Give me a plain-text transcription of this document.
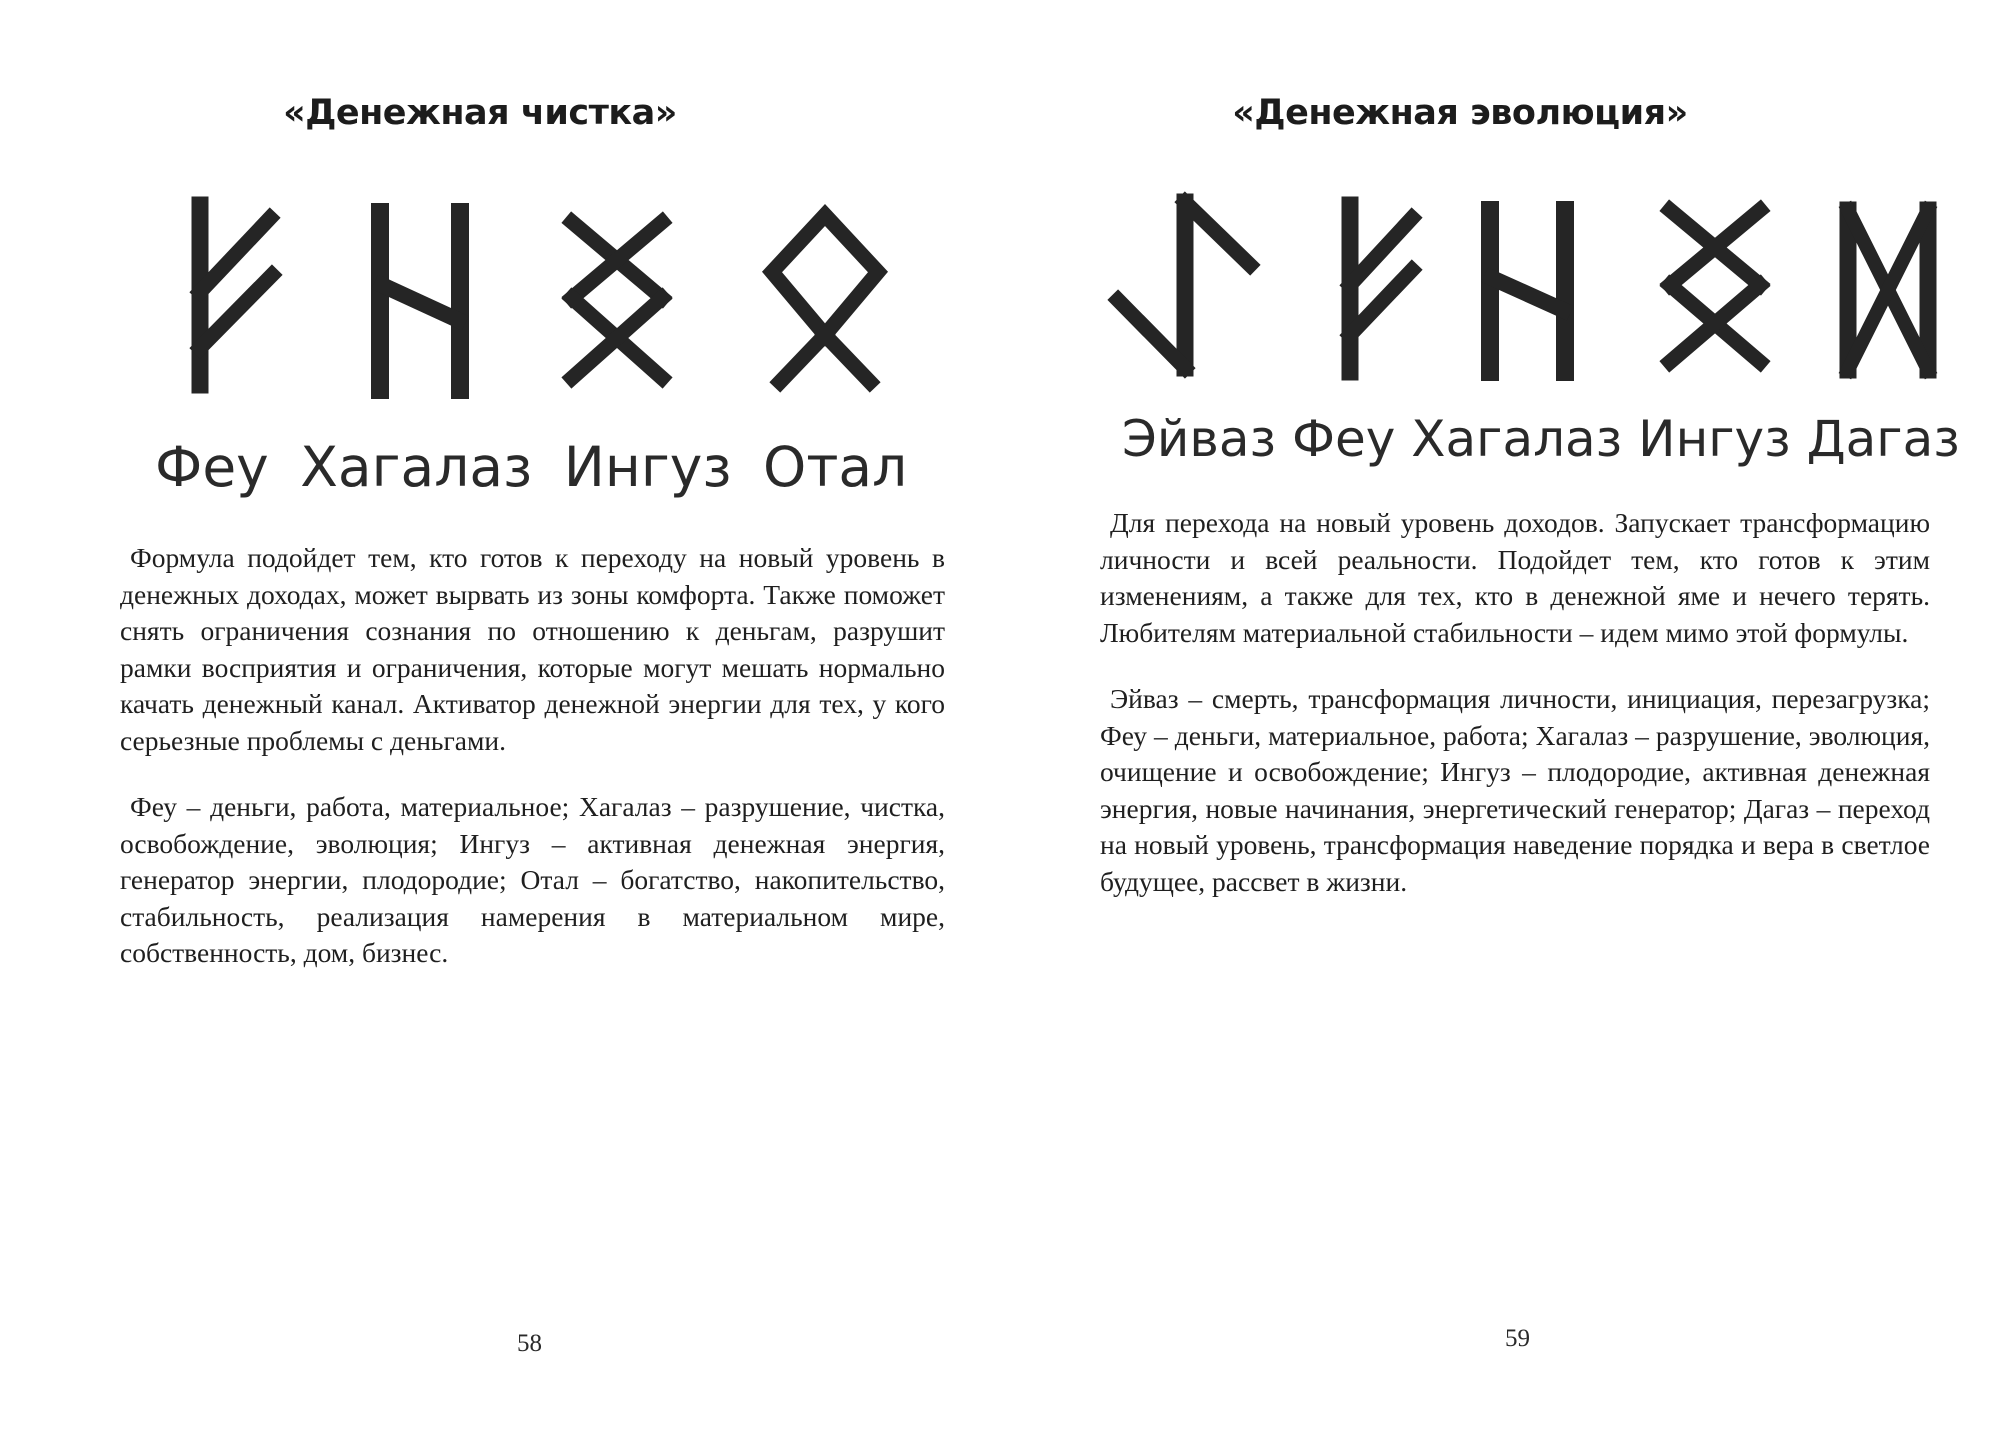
«Денежная чистка»
Феу Хагалаз Ингуз Отал

Формула подойдет тем, кто готов к переходу на новый уровень в денежных доходах, может вырвать из зоны комфорта. Также поможет снять ограничения сознания по отношению к деньгам, разрушит рамки восприятия и ограничения, которые могут мешать нормально качать денежный канал. Активатор денежной энергии для тех, у кого серьезные проблемы с деньгами.

Феу – деньги, работа, материальное; Хагалаз – разрушение, чистка, освобождение, эволюция; Ингуз – активная денежная энергия, генератор энергии, плодородие; Отал – богатство, накопительство, стабильность, реализация намерения в материальном мире, собственность, дом, бизнес.

58
«Денежная эволюция»
Эйваз Феу Хагалаз Ингуз Дагаз

Для перехода на новый уровень доходов. Запускает трансформацию личности и всей реальности. Подойдет тем, кто готов к этим изменениям, а также для тех, кто в денежной яме и нечего терять. Любителям материальной стабильности – идем мимо этой формулы.

Эйваз – смерть, трансформация личности, инициация, перезагрузка; Феу – деньги, материальное, работа; Хагалаз – разрушение, эволюция, очищение и освобождение; Ингуз – плодородие, активная денежная энергия, новые начинания, энергетический генератор; Дагаз – переход на новый уровень, трансформация наведение порядка и вера в светлое будущее, рассвет в жизни.

59
